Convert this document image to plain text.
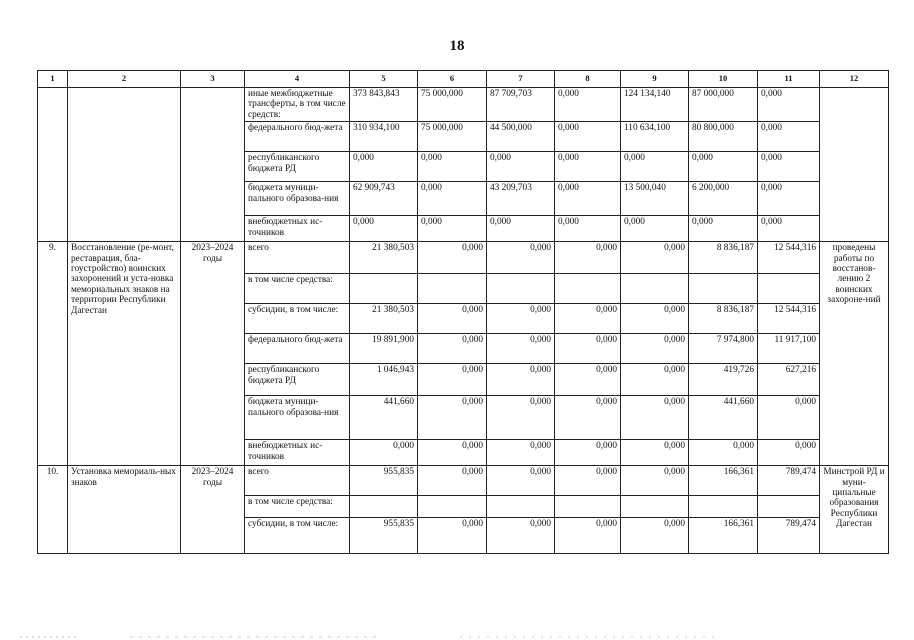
18
1	2	3	4	5	6	7	8	9	10	11	12
			иные межбюджетные трансферты, в том числе средств:	373 843,843	75 000,000	87 709,703	0,000	124 134,140	87 000,000	0,000	
			федерального бюд-жета	310 934,100	75 000,000	44 500,000	0,000	110 634,100	80 800,000	0,000	
			республиканского бюджета РД	0,000	0,000	0,000	0,000	0,000	0,000	0,000	
			бюджета муници-пального образова-ния	62 909,743	0,000	43 209,703	0,000	13 500,040	6 200,000	0,000	
			внебюджетных ис-точников	0,000	0,000	0,000	0,000	0,000	0,000	0,000	
9.	Восстановление (ре-монт, реставрация, бла-гоустройство) воинских захоронений и уста-новка мемориальных знаков на территории Республики Дагестан	2023–2024 годы	всего	21 380,503	0,000	0,000	0,000	0,000	8 836,187	12 544,316	проведены работы по восстанов-лению 2 воинских захороне-ний
			в том числе средства:								
			субсидии, в том числе:	21 380,503	0,000	0,000	0,000	0,000	8 836,187	12 544,316	
			федерального бюд-жета	19 891,900	0,000	0,000	0,000	0,000	7 974,800	11 917,100	
			республиканского бюджета РД	1 046,943	0,000	0,000	0,000	0,000	419,726	627,216	
			бюджета муници-пального образова-ния	441,660	0,000	0,000	0,000	0,000	441,660	0,000	
			внебюджетных ис-точников	0,000	0,000	0,000	0,000	0,000	0,000	0,000	
10.	Установка мемориаль-ных знаков	2023–2024 годы	всего	955,835	0,000	0,000	0,000	0,000	166,361	789,474	Минстрой РД и муни-ципальные образования Республики Дагестан
			в том числе средства:								
			субсидии, в том числе:	955,835	0,000	0,000	0,000	0,000	166,361	789,474	
